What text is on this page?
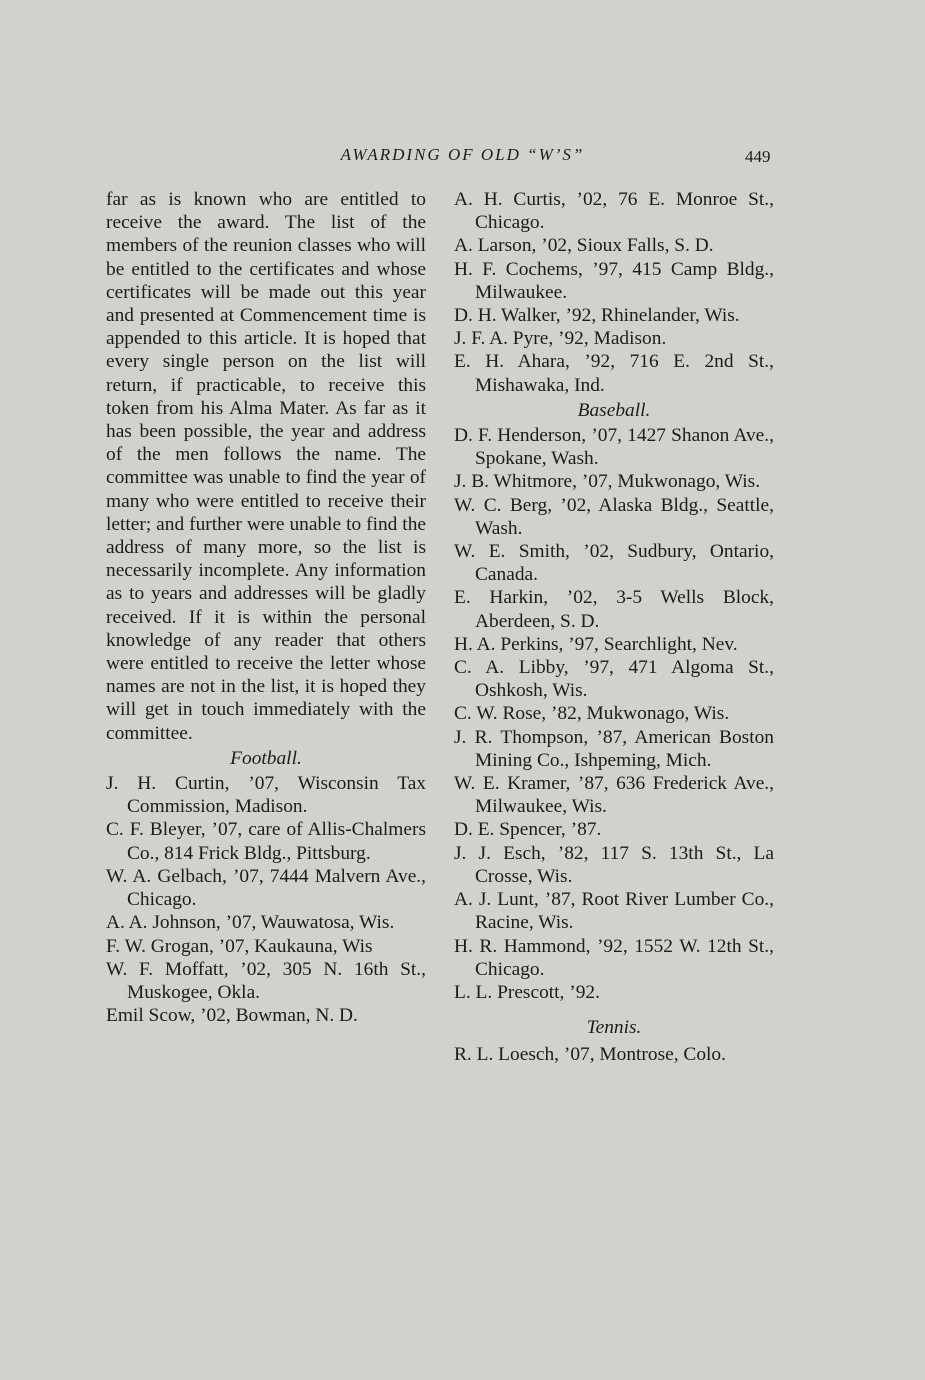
AWARDING OF OLD “W’S”	449
far as is known who are entitled to receive the award. The list of the members of the reunion classes who will be entitled to the certificates and whose certificates will be made out this year and presented at Commencement time is appended to this article. It is hoped that every single person on the list will return, if practicable, to receive this token from his Alma Mater. As far as it has been possible, the year and address of the men follows the name. The committee was unable to find the year of many who were entitled to receive their letter; and further were unable to find the address of many more, so the list is necessarily incomplete. Any information as to years and addresses will be gladly received. If it is within the personal knowledge of any reader that others were entitled to receive the letter whose names are not in the list, it is hoped they will get in touch immediately with the committee.
Football.
J. H. Curtin, ’07, Wisconsin Tax Commission, Madison.
C. F. Bleyer, ’07, care of Allis-Chalmers Co., 814 Frick Bldg., Pittsburg.
W. A. Gelbach, ’07, 7444 Malvern Ave., Chicago.
A. A. Johnson, ’07, Wauwatosa, Wis.
F. W. Grogan, ’07, Kaukauna, Wis
W. F. Moffatt, ’02, 305 N. 16th St., Muskogee, Okla.
Emil Scow, ’02, Bowman, N. D.
A. H. Curtis, ’02, 76 E. Monroe St., Chicago.
A. Larson, ’02, Sioux Falls, S. D.
H. F. Cochems, ’97, 415 Camp Bldg., Milwaukee.
D. H. Walker, ’92, Rhinelander, Wis.
J. F. A. Pyre, ’92, Madison.
E. H. Ahara, ’92, 716 E. 2nd St., Mishawaka, Ind.
Baseball.
D. F. Henderson, ’07, 1427 Shanon Ave., Spokane, Wash.
J. B. Whitmore, ’07, Mukwonago, Wis.
W. C. Berg, ’02, Alaska Bldg., Seattle, Wash.
W. E. Smith, ’02, Sudbury, Ontario, Canada.
E. Harkin, ’02, 3-5 Wells Block, Aberdeen, S. D.
H. A. Perkins, ’97, Searchlight, Nev.
C. A. Libby, ’97, 471 Algoma St., Oshkosh, Wis.
C. W. Rose, ’82, Mukwonago, Wis.
J. R. Thompson, ’87, American Boston Mining Co., Ishpeming, Mich.
W. E. Kramer, ’87, 636 Frederick Ave., Milwaukee, Wis.
D. E. Spencer, ’87.
J. J. Esch, ’82, 117 S. 13th St., La Crosse, Wis.
A. J. Lunt, ’87, Root River Lumber Co., Racine, Wis.
H. R. Hammond, ’92, 1552 W. 12th St., Chicago.
L. L. Prescott, ’92.
Tennis.
R. L. Loesch, ’07, Montrose, Colo.
